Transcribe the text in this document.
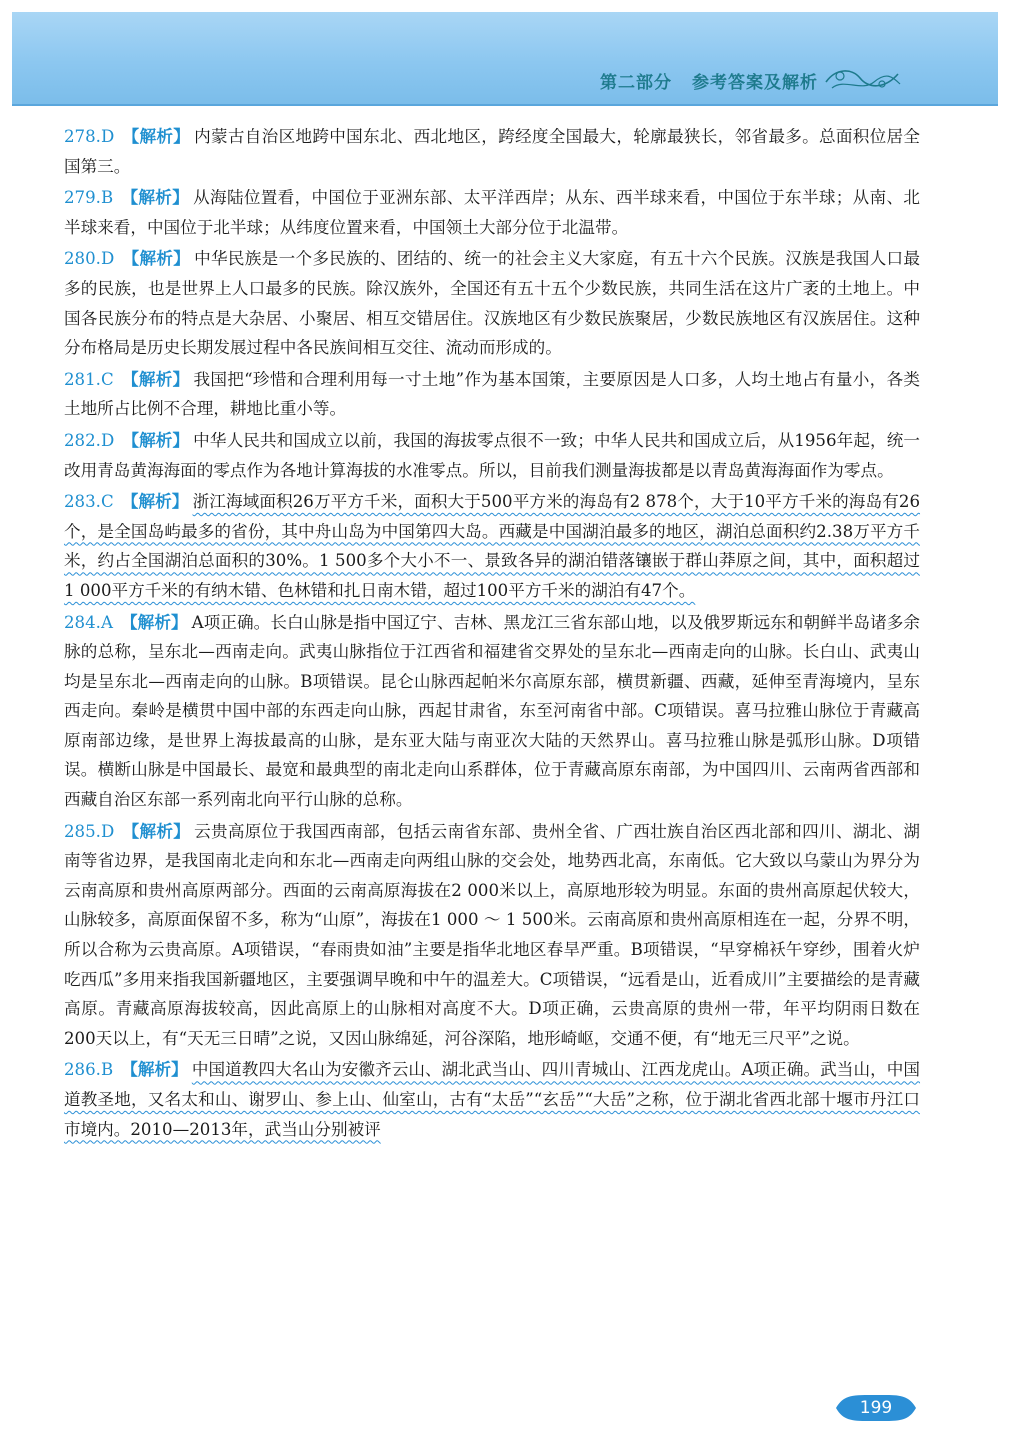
第二部分 参考答案及解析

278.D 【解析】 内蒙古自治区地跨中国东北、西北地区，跨经度全国最大，轮廓最狭长，邻省最多。总面积位居全国第三。

279.B 【解析】 从海陆位置看，中国位于亚洲东部、太平洋西岸；从东、西半球来看，中国位于东半球；从南、北半球来看，中国位于北半球；从纬度位置来看，中国领土大部分位于北温带。

280.D 【解析】 中华民族是一个多民族的、团结的、统一的社会主义大家庭，有五十六个民族。汉族是我国人口最多的民族，也是世界上人口最多的民族。除汉族外，全国还有五十五个少数民族，共同生活在这片广袤的土地上。中国各民族分布的特点是大杂居、小聚居、相互交错居住。汉族地区有少数民族聚居，少数民族地区有汉族居住。这种分布格局是历史长期发展过程中各民族间相互交往、流动而形成的。

281.C 【解析】 我国把“珍惜和合理利用每一寸土地”作为基本国策，主要原因是人口多，人均土地占有量小，各类土地所占比例不合理，耕地比重小等。

282.D 【解析】 中华人民共和国成立以前，我国的海拔零点很不一致；中华人民共和国成立后，从1956年起，统一改用青岛黄海海面的零点作为各地计算海拔的水准零点。所以，目前我们测量海拔都是以青岛黄海海面作为零点。

283.C 【解析】 浙江海域面积26万平方千米，面积大于500平方米的海岛有2 878个，大于10平方千米的海岛有26个，是全国岛屿最多的省份，其中舟山岛为中国第四大岛。西藏是中国湖泊最多的地区，湖泊总面积约2.38万平方千米，约占全国湖泊总面积的30%。1 500多个大小不一、景致各异的湖泊错落镶嵌于群山莽原之间，其中，面积超过1 000平方千米的有纳木错、色林错和扎日南木错，超过100平方千米的湖泊有47个。

284.A 【解析】 A项正确。长白山脉是指中国辽宁、吉林、黑龙江三省东部山地，以及俄罗斯远东和朝鲜半岛诸多余脉的总称，呈东北—西南走向。武夷山脉指位于江西省和福建省交界处的呈东北—西南走向的山脉。长白山、武夷山均是呈东北—西南走向的山脉。B项错误。昆仑山脉西起帕米尔高原东部，横贯新疆、西藏，延伸至青海境内，呈东西走向。秦岭是横贯中国中部的东西走向山脉，西起甘肃省，东至河南省中部。C项错误。喜马拉雅山脉位于青藏高原南部边缘，是世界上海拔最高的山脉，是东亚大陆与南亚次大陆的天然界山。喜马拉雅山脉是弧形山脉。D项错误。横断山脉是中国最长、最宽和最典型的南北走向山系群体，位于青藏高原东南部，为中国四川、云南两省西部和西藏自治区东部一系列南北向平行山脉的总称。

285.D 【解析】 云贵高原位于我国西南部，包括云南省东部、贵州全省、广西壮族自治区西北部和四川、湖北、湖南等省边界，是我国南北走向和东北—西南走向两组山脉的交会处，地势西北高，东南低。它大致以乌蒙山为界分为云南高原和贵州高原两部分。西面的云南高原海拔在2 000米以上，高原地形较为明显。东面的贵州高原起伏较大，山脉较多，高原面保留不多，称为“山原”，海拔在1 000 ～ 1 500米。云南高原和贵州高原相连在一起，分界不明，所以合称为云贵高原。A项错误，“春雨贵如油”主要是指华北地区春旱严重。B项错误，“早穿棉袄午穿纱，围着火炉吃西瓜”多用来指我国新疆地区，主要强调早晚和中午的温差大。C项错误，“远看是山，近看成川”主要描绘的是青藏高原。青藏高原海拔较高，因此高原上的山脉相对高度不大。D项正确，云贵高原的贵州一带，年平均阴雨日数在200天以上，有“天无三日晴”之说，又因山脉绵延，河谷深陷，地形崎岖，交通不便，有“地无三尺平”之说。

286.B 【解析】 中国道教四大名山为安徽齐云山、湖北武当山、四川青城山、江西龙虎山。A项正确。武当山，中国道教圣地，又名太和山、谢罗山、参上山、仙室山，古有“太岳”“玄岳”“大岳”之称，位于湖北省西北部十堰市丹江口市境内。2010—2013年，武当山分别被评

199
